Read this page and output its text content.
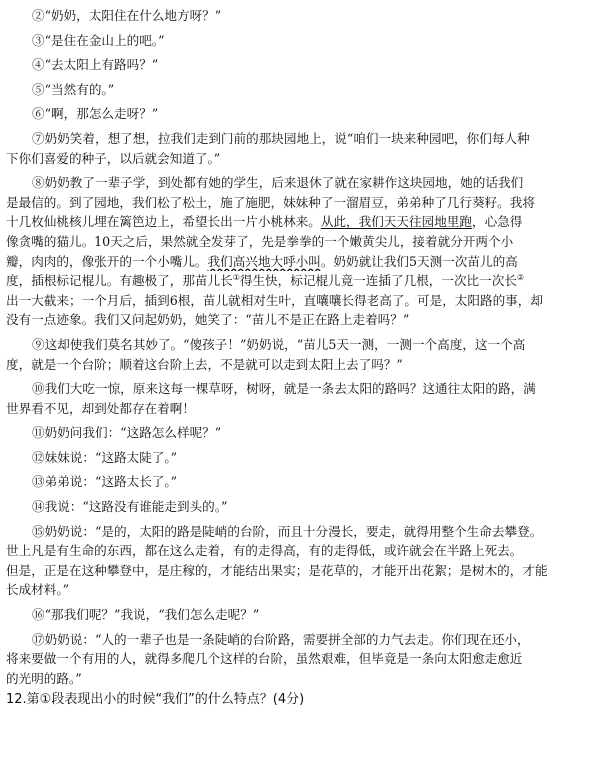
②“奶奶，太阳住在什么地方呀？”
③“是住在金山上的吧。”
④“去太阳上有路吗？”
⑤“当然有的。”
⑥“啊，那怎么走呀？”
⑦奶奶笑着，想了想，拉我们走到门前的那块园地上，说“咱们一块来种园吧，你们每人种
下你们喜爱的种子，以后就会知道了。”
⑧奶奶教了一辈子学，到处都有她的学生，后来退休了就在家耕作这块园地，她的话我们
是最信的。到了园地，我们松了松土，施了施肥，妹妹种了一溜眉豆，弟弟种了几行葵籽。我将
十几枚仙桃核儿埋在篱笆边上，希望长出一片小桃林来。从此，我们天天往园地里跑，心急得
像贪嘴的猫儿。10天之后，果然就全发芽了，先是拳拳的一个嫩黄尖儿，接着就分开两个小
瓣，肉肉的，像张开的一个小嘴儿。我们高兴地大呼小叫。奶奶就让我们5天测一次苗儿的高
度，插根标记棍儿。有趣极了，那苗儿长①得生快，标记棍儿竟一连插了几根，一次比一次长②
出一大截来；一个月后，插到6根，苗儿就相对生叶，直嚷嚷长得老高了。可是，太阳路的事，却
没有一点迹象。我们又问起奶奶，她笑了：“苗儿不是正在路上走着吗？”
⑨这却使我们莫名其妙了。“傻孩子！”奶奶说，“苗儿5天一测，一测一个高度，这一个高
度，就是一个台阶；顺着这台阶上去，不是就可以走到太阳上去了吗？”
⑩我们大吃一惊，原来这每一棵草呀，树呀，就是一条去太阳的路吗？这通往太阳的路，满
世界看不见，却到处都存在着啊！
⑪奶奶问我们：“这路怎么样呢？”
⑫妹妹说：“这路太陡了。”
⑬弟弟说：“这路太长了。”
⑭我说：“这路没有谁能走到头的。”
⑮奶奶说：“是的，太阳的路是陡峭的台阶，而且十分漫长，要走，就得用整个生命去攀登。
世上凡是有生命的东西，都在这么走着，有的走得高，有的走得低，或许就会在半路上死去。
但是，正是在这种攀登中，是庄稼的，才能结出果实；是花草的，才能开出花絮；是树木的，才能
长成材料。”
⑯“那我们呢？”我说，“我们怎么走呢？”
⑰奶奶说：“人的一辈子也是一条陡峭的台阶路，需要拼全部的力气去走。你们现在还小，
将来要做一个有用的人，就得多爬几个这样的台阶，虽然艰难，但毕竟是一条向太阳愈走愈近
的光明的路。”
12.第①段表现出小的时候“我们”的什么特点？(4分)
